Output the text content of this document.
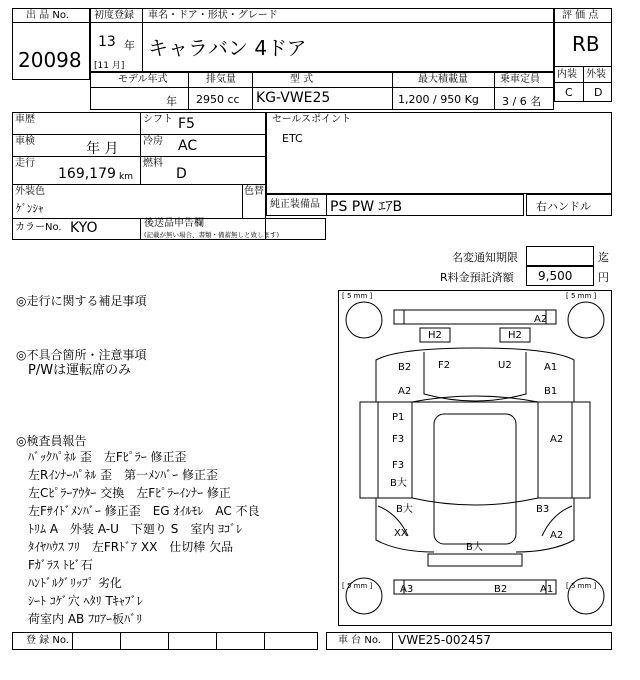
出 品 No.
20098
初度登録 車名・ドア・形状・グレード
13 年
[11 月]
キャラバン 4ドア
評 価 点
RB
内装 外装
C D
モデル年式	排気量	型 式	最大積載量	乗車定員
年 2950 cc KG-VWE25	1,200 / 950 Kg 3 / 6 名
車歴	シフト F5
車検	年 月 冷房 AC
走行
169,179 km
燃料
D
外装色	色替
ｹﾞﾝｼｬ
カラーNo. KYO	後送品申告欄
(記載が無い場合、書類・備蓄無しと致します)
セールスポイント
ETC
純正装備品 PS PW ｴｱB	右ハンドル
名変通知期限	迄
R料金預託済額 9,500 円
◎走行に関する補足事項
◎不具合箇所・注意事項
P/Wは運転席のみ
◎検査員報告
ﾊﾞｯｸﾊﾟﾈﾙ 歪　左Fﾋﾟﾗｰ 修正歪
左Rｲﾝﾅｰﾊﾟﾈﾙ 歪　第一ﾒﾝﾊﾞｰ 修正歪
左Cﾋﾟﾗｰｱｳﾀｰ 交換　左Fﾋﾟﾗｰｲﾝﾅｰ 修正
左Fｻｲﾄﾞﾒﾝﾊﾞｰ 修正歪　EG ｵｲﾙﾓﾚ　AC 不良
ﾄﾘﾑ A　外装 A-U　下廻り S　室内 ﾖｺﾞﾚ
ﾀｲﾔﾊｳｽ ﾌﾘ　左FRﾄﾞｱ XX　仕切棒 欠品
Fｶﾞﾗｽ ﾄﾋﾞ石
ﾊﾝﾄﾞﾙｸﾞﾘｯﾌﾟ 劣化
ｼｰﾄ ｺｹﾞ穴 ﾍﾀﾘ Tｷｬﾌﾞﾚ
荷室内 AB ﾌﾛｱｰ板ﾊﾞﾘ
A2
H2	H2
B2	F2	U2	A1
A2	B1
P1
F3	A2
F3
B大
B大	B3
XX	A2
B大
A3	B2	A1
[ 5 mm ]	[ 5 mm ]
[ 5 mm ]	[ 5 mm ]
登 録 No.	車 台 No. VWE25-002457
